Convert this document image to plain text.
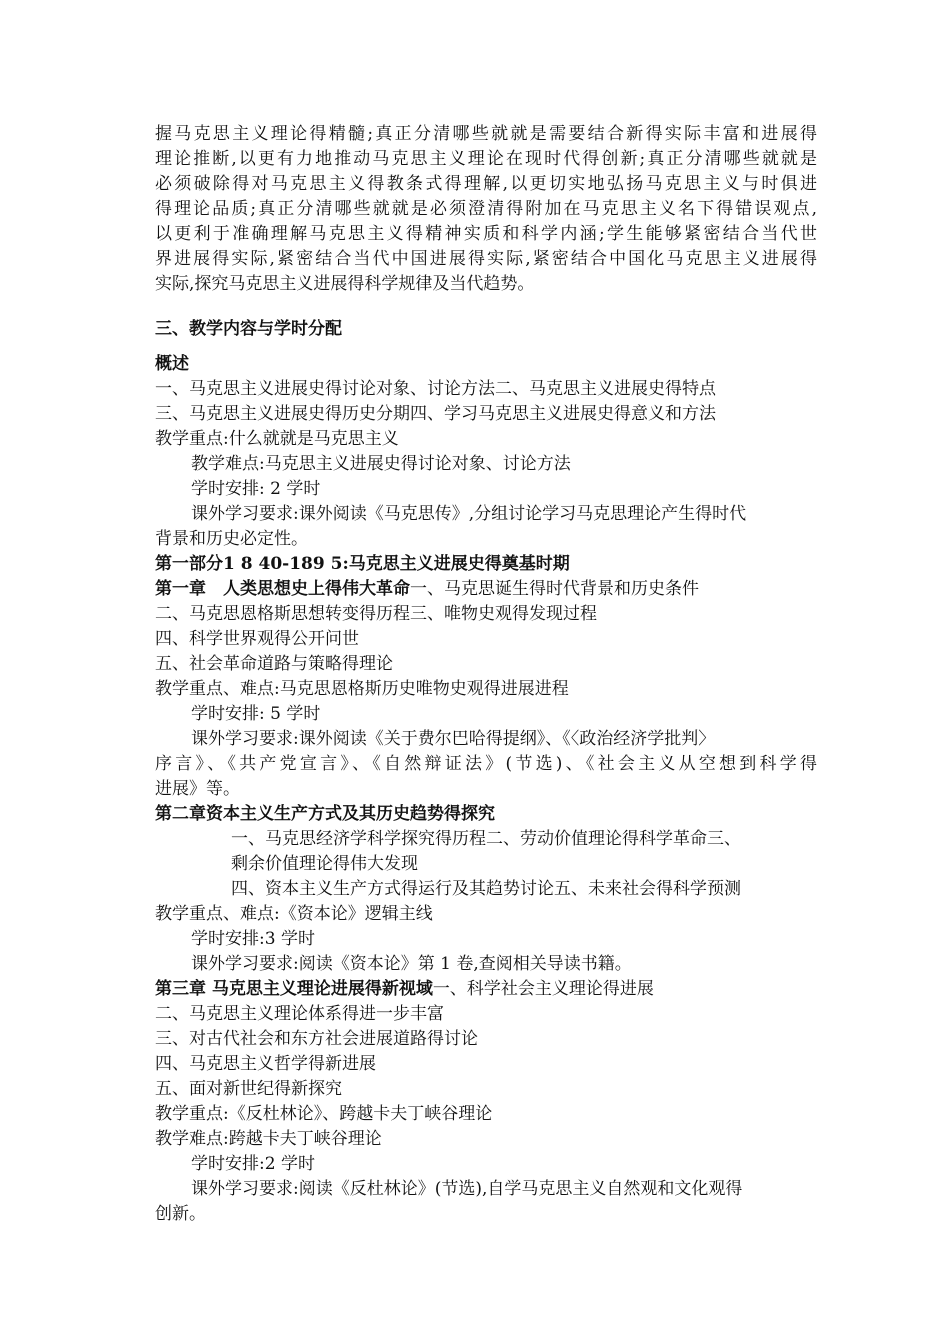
握马克思主义理论得精髓;真正分清哪些就就是需要结合新得实际丰富和进展得
理论推断,以更有力地推动马克思主义理论在现时代得创新;真正分清哪些就就是
必须破除得对马克思主义得教条式得理解,以更切实地弘扬马克思主义与时俱进
得理论品质;真正分清哪些就就是必须澄清得附加在马克思主义名下得错误观点,
以更利于准确理解马克思主义得精神实质和科学内涵;学生能够紧密结合当代世
界进展得实际,紧密结合当代中国进展得实际,紧密结合中国化马克思主义进展得
实际,探究马克思主义进展得科学规律及当代趋势。
三、教学内容与学时分配
概述
一、马克思主义进展史得讨论对象、讨论方法二、马克思主义进展史得特点
三、马克思主义进展史得历史分期四、学习马克思主义进展史得意义和方法
教学重点:什么就就是马克思主义
教学难点:马克思主义进展史得讨论对象、讨论方法
学时安排: 2 学时
课外学习要求:课外阅读《马克思传》,分组讨论学习马克思理论产生得时代
背景和历史必定性。
第一部分1 8 40-189 5:马克思主义进展史得奠基时期
第一章　人类思想史上得伟大革命一、马克思诞生得时代背景和历史条件
二、马克思恩格斯思想转变得历程三、唯物史观得发现过程
四、科学世界观得公开问世
五、社会革命道路与策略得理论
教学重点、难点:马克思恩格斯历史唯物史观得进展进程
学时安排: 5 学时
课外学习要求:课外阅读《关于费尔巴哈得提纲》、《〈政治经济学批判〉
序言》、《共产党宣言》、《自然辩证法》(节选)、《社会主义从空想到科学得
进展》等。
第二章资本主义生产方式及其历史趋势得探究
一、马克思经济学科学探究得历程二、劳动价值理论得科学革命三、
剩余价值理论得伟大发现
四、资本主义生产方式得运行及其趋势讨论五、未来社会得科学预测
教学重点、难点:《资本论》逻辑主线
学时安排:3 学时
课外学习要求:阅读《资本论》第 1 卷,查阅相关导读书籍。
第三章 马克思主义理论进展得新视域一、科学社会主义理论得进展
二、马克思主义理论体系得进一步丰富
三、对古代社会和东方社会进展道路得讨论
四、马克思主义哲学得新进展
五、面对新世纪得新探究
教学重点:《反杜林论》、跨越卡夫丁峡谷理论
教学难点:跨越卡夫丁峡谷理论
学时安排:2 学时
课外学习要求:阅读《反杜林论》(节选),自学马克思主义自然观和文化观得
创新。
